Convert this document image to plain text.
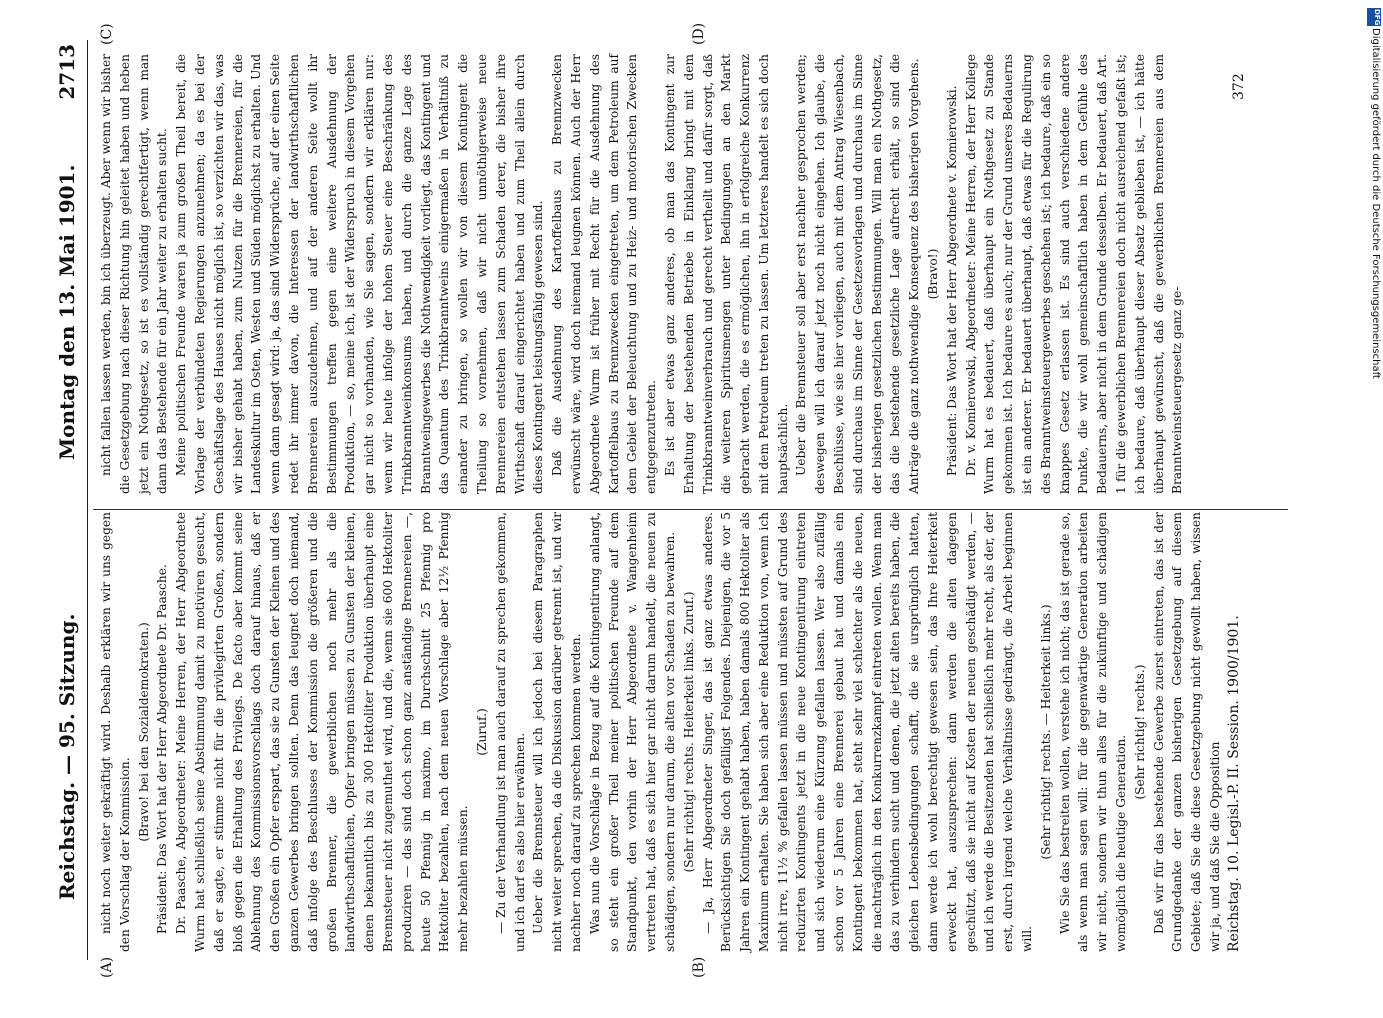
Reichstag. — 95. Sitzung.
Montag den 13. Mai 1901.
2713
(A)	(B)
(C)	(D)

nicht noch weiter gekräftigt wird. Deshalb erklären wir uns gegen den Vorschlag der Kommission.

(Bravo! bei den Sozialdemokraten.) Präsident: Das Wort hat der Herr Abgeordnete Dr. Paasche. Dr. Paasche, Abgeordneter: Meine Herren, der Herr Abgeordnete Wurm hat schließlich seine Abstimmung damit zu motiviren gesucht, daß er sagte, er stimme nicht für die privilegirten Großen, sondern bloß gegen die Erhaltung des Privilegs. De facto aber kommt seine Ablehnung des Kommissionsvorschlags doch darauf hinaus, daß er den Großen ein Opfer erspart, das sie zu Gunsten der Kleinen und des ganzen Gewerbes bringen sollten. Denn das leugnet doch niemand, daß infolge des Beschlusses der Kommission die größeren und die großen Brenner, die gewerblichen noch mehr als die landwirthschaftlichen, Opfer bringen müssen zu Gunsten der kleinen, denen bekanntlich bis zu 300 Hektoliter Produktion überhaupt eine Brennsteuer nicht zugemuthet wird, und die, wenn sie 600 Hektoliter produziren — das sind doch schon ganz anständige Brennereien —, heute 50 Pfennig in maximo, im Durchschnitt 25 Pfennig pro Hektoliter bezahlen, nach dem neuen Vorschlage aber 12½ Pfennig mehr bezahlen müssen.

(Zuruf.) — Zu der Verhandlung ist man auch darauf zu sprechen gekommen, und ich darf es also hier erwähnen. Ueber die Brennsteuer will ich jedoch bei diesem Paragraphen nicht weiter sprechen, da die Diskussion darüber getrennt ist, und wir nachher noch darauf zu sprechen kommen werden. Was nun die Vorschläge in Bezug auf die Kontingentirung anlangt, so steht ein großer Theil meiner politischen Freunde auf dem Standpunkt, den vorhin der Herr Abgeordnete v. Wangenheim vertreten hat, daß es sich hier gar nicht darum handelt, die neuen zu schädigen, sondern nur darum, die alten vor Schaden zu bewahren. (Sehr richtig! rechts. Heiterkeit links. Zuruf.) — Ja, Herr Abgeordneter Singer, das ist ganz etwas anderes. Berücksichtigen Sie doch gefälligst Folgendes. Diejenigen, die vor 5 Jahren ein Kontingent gehabt haben, haben damals 800 Hektoliter als Maximum erhalten. Sie haben sich aber eine Reduktion von, wenn ich nicht irre, 11½ % gefallen lassen müssen und müssten auf Grund des reduzirten Kontingents jetzt in die neue Kontingentirung eintreten und sich wiederum eine Kürzung gefallen lassen. Wer also zufällig schon vor 5 Jahren eine Brennerei gebaut hat und damals ein Kontingent bekommen hat, steht sehr viel schlechter als die neuen, die nachträglich in den Konkurrenzkampf eintreten wollen. Wenn man das zu verhindern sucht und denen, die jetzt alten bereits haben, die gleichen Lebensbedingungen schafft, die sie ursprünglich hatten, dann werde ich wohl berechtigt gewesen sein, das Ihre Heiterkeit erweckt hat, auszusprechen: dann werden die alten dagegen geschützt, daß sie nicht auf Kosten der neuen geschädigt werden, — und ich werde die Besitzenden hat schließlich mehr recht, als der, der erst, durch irgend welche Verhältnisse gedrängt, die Arbeit beginnen will.

(Sehr richtig! rechts. — Heiterkeit links.) Wie Sie das bestreiten wollen, verstehe ich nicht; das ist gerade so, als wenn man sagen will: für die gegenwärtige Generation arbeiten wir nicht, sondern wir thun alles für die zukünftige und schädigen womöglich die heutige Generation.

(Sehr richtig! rechts.) Daß wir für das bestehende Gewerbe zuerst eintreten, das ist der Grundgedanke der ganzen bisherigen Gesetzgebung auf diesem Gebiete; daß Sie die diese Gesetzgebung nicht gewollt haben, wissen wir ja, und daß Sie die Opposition Reichstag. 10. Legisl.-P. II. Session. 1900/1901.

nicht fallen lassen werden, bin ich überzeugt. Aber wenn wir bisher die Gesetzgebung nach dieser Richtung hin geleitet haben und heben jetzt ein Nothgesetz, so ist es vollständig gerechtfertigt, wenn man dann das Bestehende für ein Jahr weiter zu erhalten sucht. Meine politischen Freunde waren ja zum großen Theil bereit, die Vorlage der verbündeten Regierungen anzunehmen; da es bei der Geschäftslage des Hauses nicht möglich ist, so verzichten wir das, was wir bisher gehabt haben, zum Nutzen für die Brennereien, für die Landeskultur im Osten, Westen und Süden möglichst zu erhalten. Und wenn dann gesagt wird: ja, das sind Widersprüche, auf der einen Seite redet ihr immer davon, die Interessen der landwirthschaftlichen Brennereien auszudehnen, und auf der anderen Seite wollt ihr Bestimmungen treffen gegen eine weitere Ausdehnung der Produktion, — so, meine ich, ist der Widerspruch in diesem Vorgehen gar nicht so vorhanden, wie Sie sagen, sondern wir erklären nur: wenn wir heute infolge der hohen Steuer eine Beschränkung des Trinkbranntweinkonsums haben, und durch die ganze Lage des Branntweingewerbes die Nothwendigkeit vorliegt, das Kontingent und das Quantum des Trinkbranntweins einigermaßen in Verhältniß zu einander zu bringen, so wollen wir von diesem Kontingent die Theilung so vornehmen, daß wir nicht unnöthigerweise neue Brennereien entstehen lassen zum Schaden derer, die bisher ihre Wirthschaft darauf eingerichtet haben und zum Theil allein durch dieses Kontingent leistungsfähig gewesen sind. Daß die Ausdehnung des Kartoffelbaus zu Brennzwecken erwünscht wäre, wird doch niemand leugnen können. Auch der Herr Abgeordnete Wurm ist früher mit Recht für die Ausdehnung des Kartoffelbaus zu Brennzwecken eingetreten, um dem Petroleum auf dem Gebiet der Beleuchtung und zu Heiz- und motorischen Zwecken entgegenzutreten. Es ist aber etwas ganz anderes, ob man das Kontingent zur Erhaltung der bestehenden Betriebe in Einklang bringt mit dem Trinkbranntweinverbrauch und gerecht vertheilt und dafür sorgt, daß die weiteren Spiritusmengen unter Bedingungen an den Markt gebracht werden, die es ermöglichen, ihn in erfolgreiche Konkurrenz mit dem Petroleum treten zu lassen. Um letzteres handelt es sich doch hauptsächlich. Ueber die Brennsteuer soll aber erst nachher gesprochen werden; deswegen will ich darauf jetzt noch nicht eingehen. Ich glaube, die Beschlüsse, wie sie hier vorliegen, auch mit dem Antrag Wiesenbach, sind durchaus im Sinne der Gesetzesvorlagen und durchaus im Sinne der bisherigen gesetzlichen Bestimmungen. Will man ein Nothgesetz, das die bestehende gesetzliche Lage aufrecht erhält, so sind die Anträge die ganz nothwendige Konsequenz des bisherigen Vorgehens. (Bravo!) Präsident: Das Wort hat der Herr Abgeordnete v. Komierowski. Dr. v. Komierowski, Abgeordneter: Meine Herren, der Herr Kollege Wurm hat es bedauert, daß überhaupt ein Nothgesetz zu Stande gekommen ist. Ich bedaure es auch; nur der Grund unseres Bedauerns ist ein anderer. Er bedauert überhaupt, daß etwas für die Regulirung des Branntweinsteuergewerbes geschehen ist; ich bedaure, daß ein so knappes Gesetz erlassen ist. Es sind auch verschiedene andere Punkte, die wir wohl gemeinschaftlich haben in dem Gefühle des Bedauerns, aber nicht in dem Grunde desselben. Er bedauert, daß Art. 1 für die gewerblichen Brennereien doch nicht ausreichend gefaßt ist; ich bedaure, daß überhaupt dieser Absatz geblieben ist, — ich hätte überhaupt gewünscht, daß die gewerblichen Brennereien aus dem Branntweinsteuergesetz ganz ge-

372
DFG
Digitalisierung gefördert durch die Deutsche Forschungsgemeinschaft
